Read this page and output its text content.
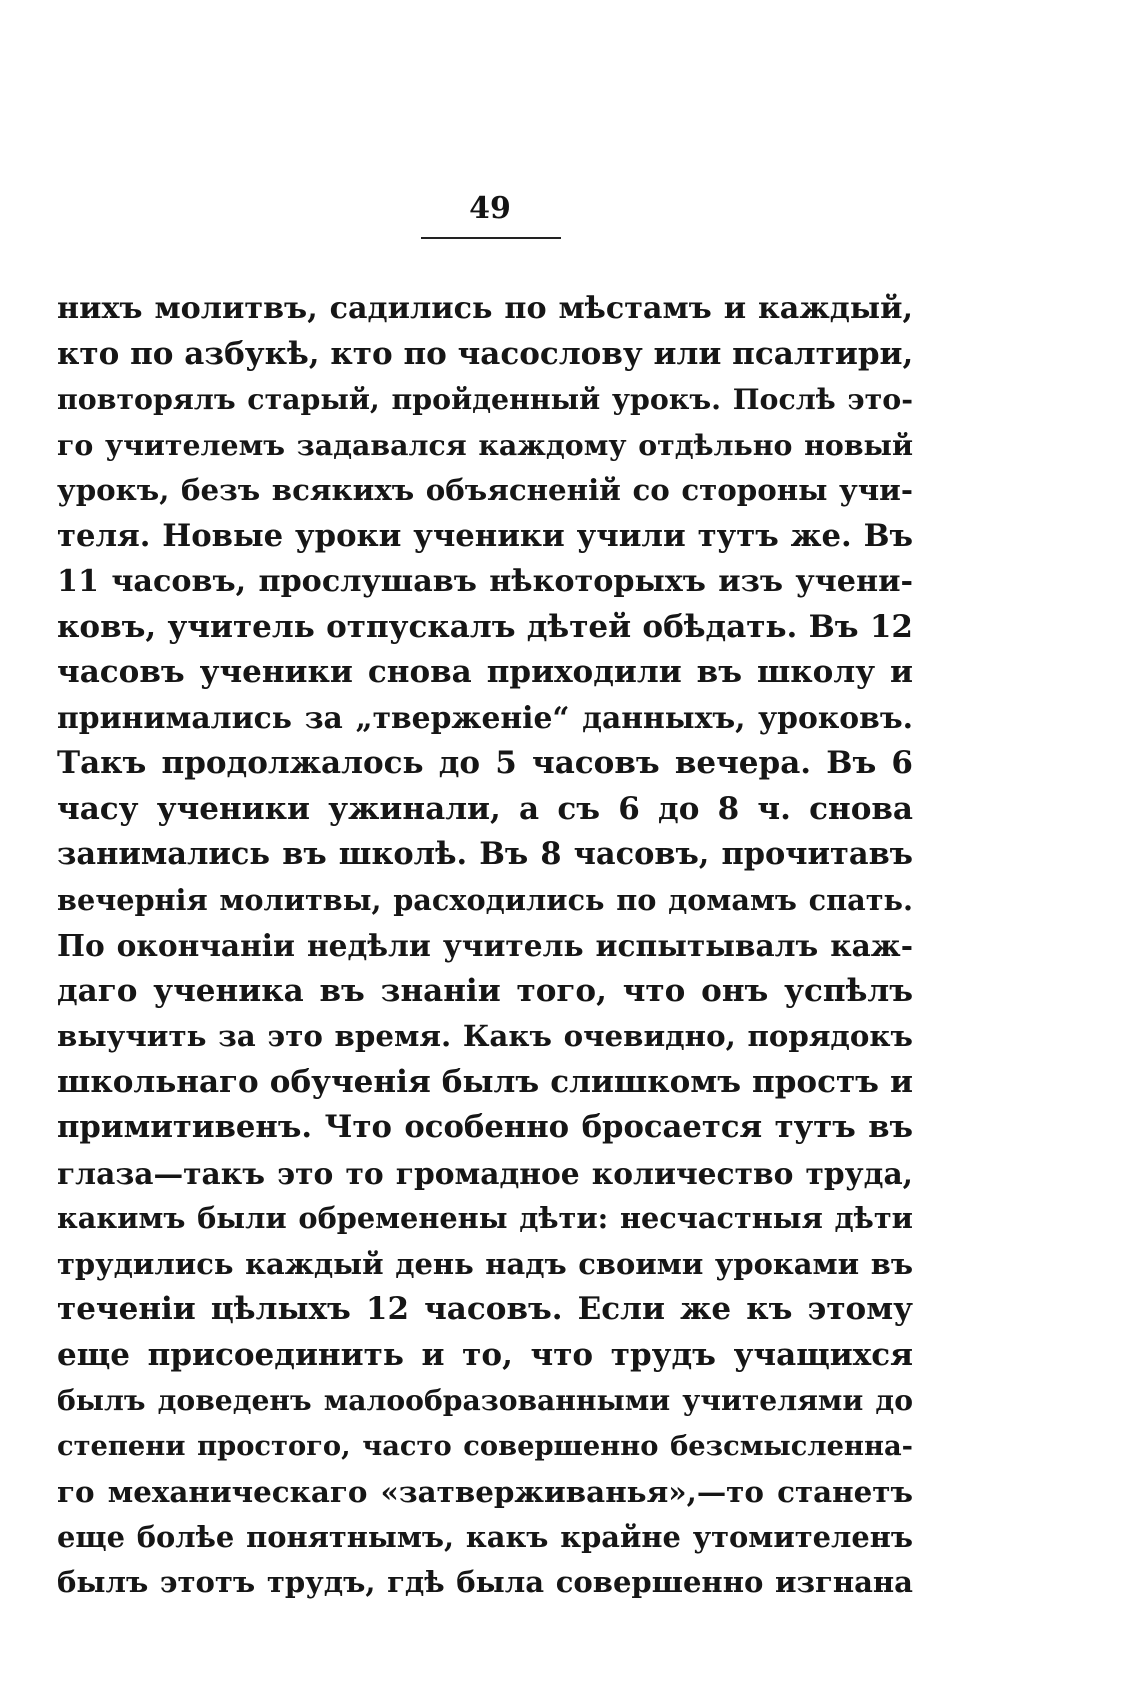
49
нихъ молитвъ, садились по мѣстамъ и каждый,
кто по азбукѣ, кто по часослову или псалтири,
повторялъ старый, пройденный урокъ. Послѣ это-
го учителемъ задавался каждому отдѣльно новый
урокъ, безъ всякихъ объясненій со стороны учи-
теля. Новые уроки ученики учили тутъ же. Въ
11 часовъ, прослушавъ нѣкоторыхъ изъ учени-
ковъ, учитель отпускалъ дѣтей обѣдать. Въ 12
часовъ ученики снова приходили въ школу и
принимались за „тверженіе“ данныхъ, уроковъ.
Такъ продолжалось до 5 часовъ вечера. Въ 6
часу ученики ужинали, а съ 6 до 8 ч. снова
занимались въ школѣ. Въ 8 часовъ, прочитавъ
вечернія молитвы, расходились по домамъ спать.
По окончаніи недѣли учитель испытывалъ каж-
даго ученика въ знаніи того, что онъ успѣлъ
выучить за это время. Какъ очевидно, порядокъ
школьнаго обученія былъ слишкомъ простъ и
примитивенъ. Что особенно бросается тутъ въ
глаза—такъ это то громадное количество труда,
какимъ были обременены дѣти: несчастныя дѣти
трудились каждый день надъ своими уроками въ
теченіи цѣлыхъ 12 часовъ. Если же къ этому
еще присоединить и то, что трудъ учащихся
былъ доведенъ малообразованными учителями до
степени простого, часто совершенно безсмысленна-
го механическаго «затверживанья»,—то станетъ
еще болѣе понятнымъ, какъ крайне утомителенъ
былъ этотъ трудъ, гдѣ была совершенно изгнана
